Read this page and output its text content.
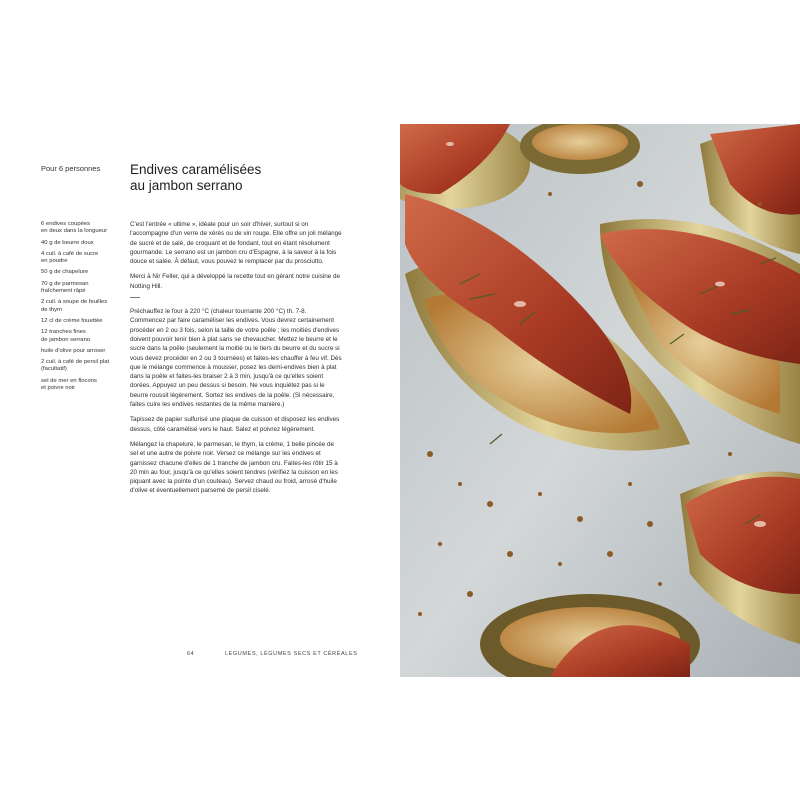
Pour 6 personnes Endives caramélisées
au jambon serrano
6 endives coupées
en deux dans la longueur
40 g de beurre doux
4 cuil. à café de sucre
en poudre
50 g de chapelure
70 g de parmesan
fraîchement râpé
2 cuil. à soupe de feuilles
de thym
12 cl de crème fouettée
12 tranches fines
de jambon serrano
huile d'olive pour arroser
2 cuil. à café de persil plat
(facultatif)
sel de mer en flocons
et poivre noir

C'est l'entrée « ultime », idéale pour un soir d'hiver, surtout si on l'accompagne d'un verre de xérès ou de vin rouge. Elle offre un joli mélange de sucré et de salé, de croquant et de fondant, tout en étant résolument gourmande. Le serrano est un jambon cru d'Espagne, à la saveur à la fois douce et salée. À défaut, vous pouvez le remplacer par du prosciutto.

Merci à Nir Feller, qui a développé la recette tout en gérant notre cuisine de Notting Hill.

Préchauffez le four à 220 °C (chaleur tournante 200 °C) th. 7-8. Commencez par faire caraméliser les endives. Vous devrez certainement procéder en 2 ou 3 fois, selon la taille de votre poêle ; les moitiés d'endives doivent pouvoir tenir bien à plat sans se chevaucher. Mettez le beurre et le sucre dans la poêle (seulement la moitié ou le tiers du beurre et du sucre si vous devez procéder en 2 ou 3 tournées) et faites-les chauffer à feu vif. Dès que le mélange commence à mousser, posez les demi-endives bien à plat dans la poêle et faites-les braiser 2 à 3 min, jusqu'à ce qu'elles soient dorées. Appuyez un peu dessus si besoin. Ne vous inquiétez pas si le beurre roussit légèrement. Sortez les endives de la poêle. (Si nécessaire, faites cuire les endives restantes de la même manière.)

Tapissez de papier sulfurisé une plaque de cuisson et disposez les endives dessus, côté caramélisé vers le haut. Salez et poivrez légèrement.

Mélangez la chapelure, le parmesan, le thym, la crème, 1 belle pincée de sel et une autre de poivre noir. Versez ce mélange sur les endives et garnissez chacune d'elles de 1 tranche de jambon cru. Faites-les rôtir 15 à 20 min au four, jusqu'à ce qu'elles soient tendres (vérifiez la cuisson en les piquant avec la pointe d'un couteau). Servez chaud ou froid, arrosé d'huile d'olive et éventuellement parsemé de persil ciselé.

64	LÉGUMES, LÉGUMES SECS ET CÉRÉALES
